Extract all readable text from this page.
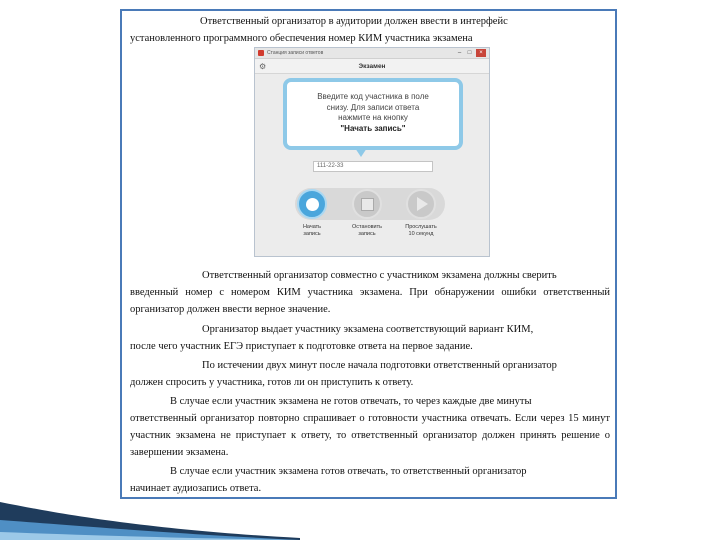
Ответственный организатор в аудитории должен ввести в интерфейс
установленного программного обеспечения номер КИМ участника экзамена

Станция записи ответов	–	□	×
⚙	Экзамен
Введите код участника в поле
снизу. Для записи ответа
нажмите на кнопку
"Начать запись"
111-22-33
Начать
запись
Остановить
запись
Прослушать
10 секунд

Ответственный организатор совместно с участником экзамена должны сверить
введенный номер с номером КИМ участника экзамена. При обнаружении ошибки ответственный организатор должен ввести верное значение.

Организатор выдает участнику экзамена соответствующий вариант КИМ,
после чего участник ЕГЭ приступает к подготовке ответа на первое задание.

По истечении двух минут после начала подготовки ответственный организатор
должен спросить у участника, готов ли он приступить к ответу.

В случае если участник экзамена не готов отвечать, то через каждые две минуты
ответственный организатор повторно спрашивает о готовности участника отвечать. Если через 15 минут участник экзамена не приступает к ответу, то ответственный организатор должен принять решение о завершении экзамена.

В случае если участник экзамена готов отвечать, то ответственный организатор
начинает аудиозапись ответа.
